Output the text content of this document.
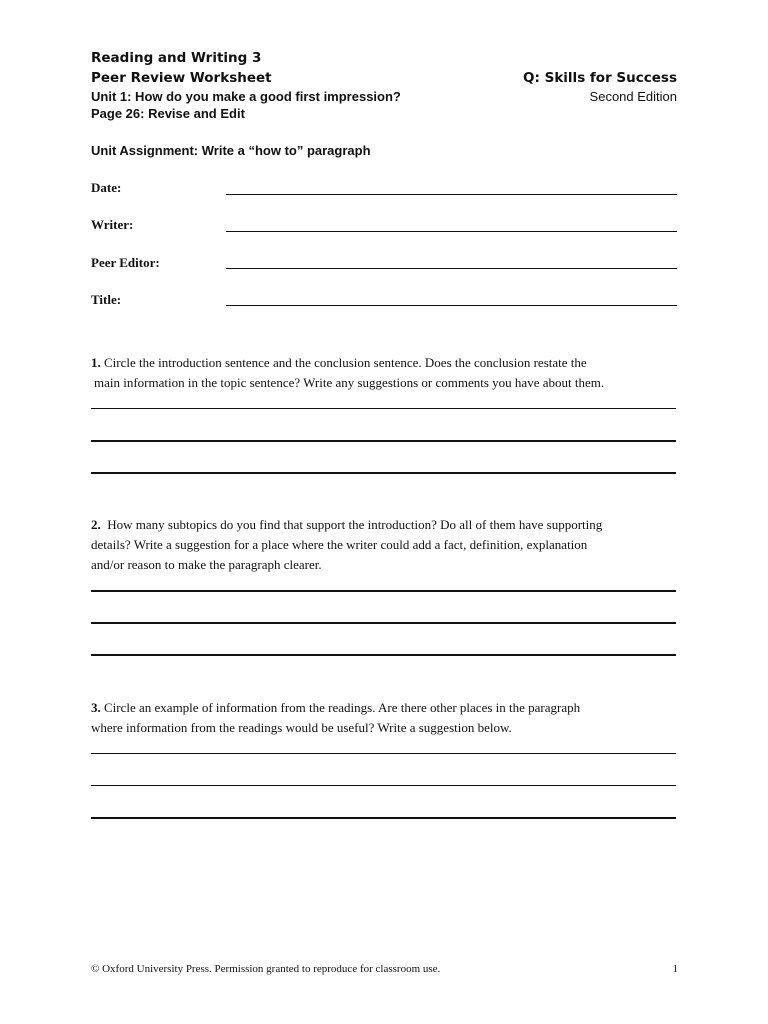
Reading and Writing 3
Peer Review Worksheet
Unit 1: How do you make a good first impression?
Page 26: Revise and Edit
Q: Skills for Success
Second Edition
Unit Assignment: Write a “how to” paragraph
Date:
Writer:
Peer Editor:
Title:
1. Circle the introduction sentence and the conclusion sentence. Does the conclusion restate the
main information in the topic sentence? Write any suggestions or comments you have about them.
2. How many subtopics do you find that support the introduction? Do all of them have supporting
details? Write a suggestion for a place where the writer could add a fact, definition, explanation
and/or reason to make the paragraph clearer.
3. Circle an example of information from the readings. Are there other places in the paragraph
where information from the readings would be useful? Write a suggestion below.
© Oxford University Press. Permission granted to reproduce for classroom use.	1
